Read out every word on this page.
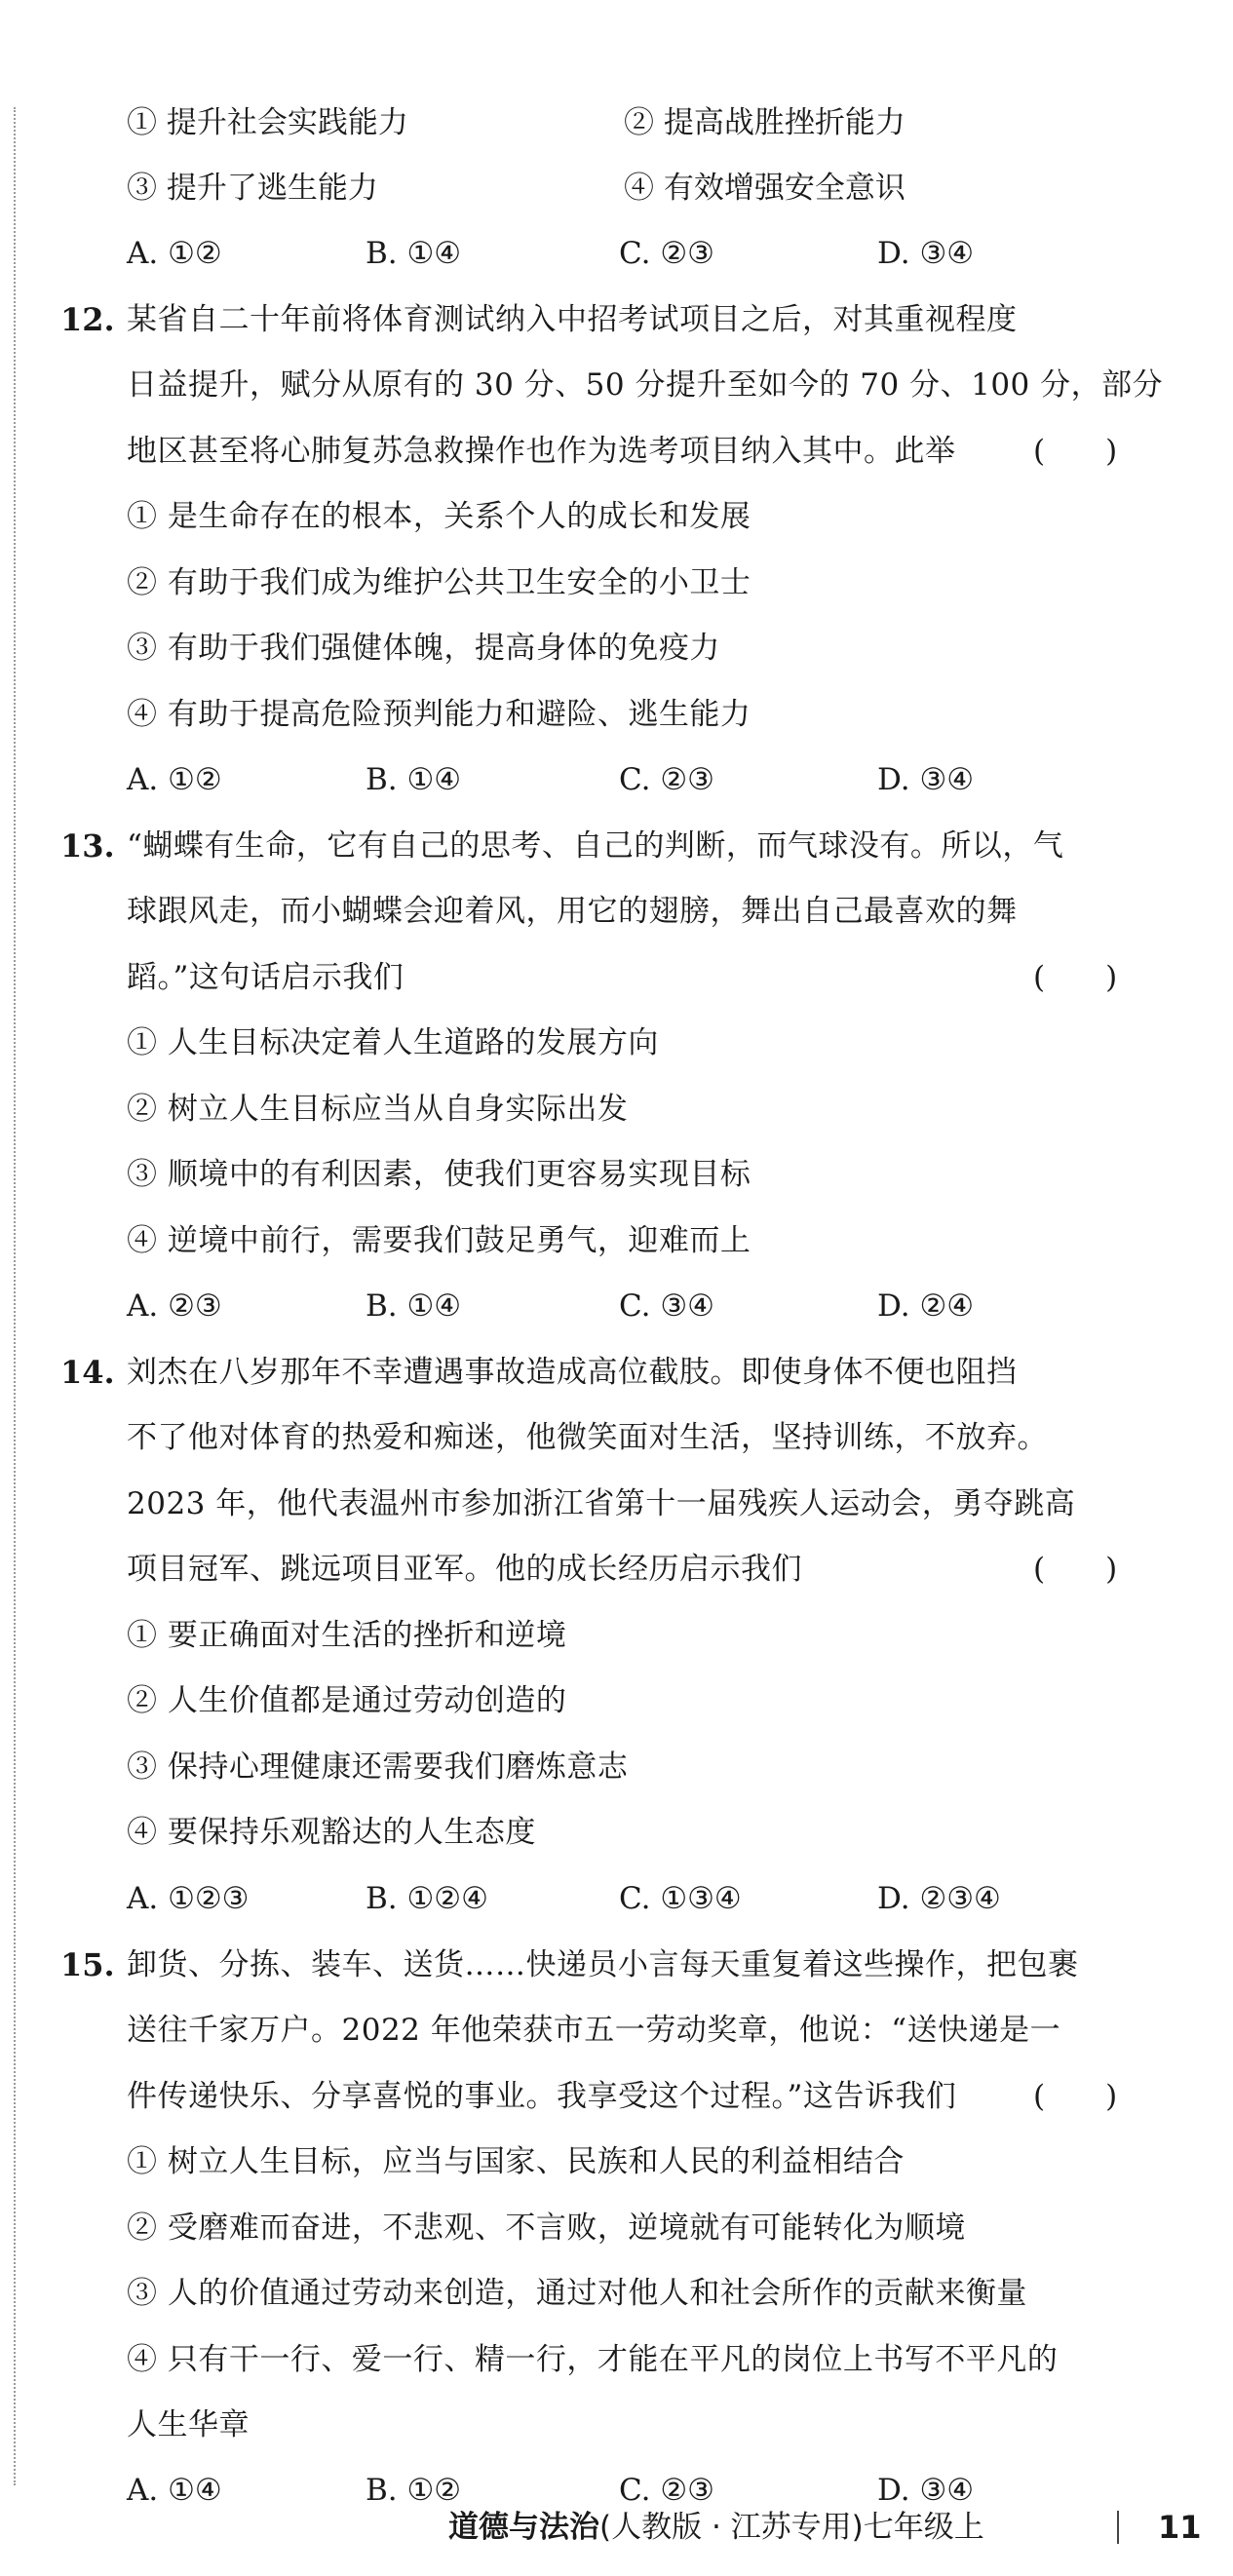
① 提升社会实践能力	② 提高战胜挫折能力
③ 提升了逃生能力	④ 有效增强安全意识
A. ①②	B. ①④	C. ②③	D. ③④
12. 某省自二十年前将体育测试纳入中招考试项目之后，对其重视程度
日益提升，赋分从原有的 30 分、50 分提升至如今的 70 分、100 分，部分
地区甚至将心肺复苏急救操作也作为选考项目纳入其中。此举	(　　)
① 是生命存在的根本，关系个人的成长和发展
② 有助于我们成为维护公共卫生安全的小卫士
③ 有助于我们强健体魄，提高身体的免疫力
④ 有助于提高危险预判能力和避险、逃生能力
A. ①②	B. ①④	C. ②③	D. ③④
13. “蝴蝶有生命，它有自己的思考、自己的判断，而气球没有。所以，气
球跟风走，而小蝴蝶会迎着风，用它的翅膀，舞出自己最喜欢的舞
蹈。”这句话启示我们	(　　)
① 人生目标决定着人生道路的发展方向
② 树立人生目标应当从自身实际出发
③ 顺境中的有利因素，使我们更容易实现目标
④ 逆境中前行，需要我们鼓足勇气，迎难而上
A. ②③	B. ①④	C. ③④	D. ②④
14. 刘杰在八岁那年不幸遭遇事故造成高位截肢。即使身体不便也阻挡
不了他对体育的热爱和痴迷，他微笑面对生活，坚持训练，不放弃。
2023 年，他代表温州市参加浙江省第十一届残疾人运动会，勇夺跳高
项目冠军、跳远项目亚军。他的成长经历启示我们	(　　)
① 要正确面对生活的挫折和逆境
② 人生价值都是通过劳动创造的
③ 保持心理健康还需要我们磨炼意志
④ 要保持乐观豁达的人生态度
A. ①②③	B. ①②④	C. ①③④	D. ②③④
15. 卸货、分拣、装车、送货……快递员小言每天重复着这些操作，把包裹
送往千家万户。2022 年他荣获市五一劳动奖章，他说：“送快递是一
件传递快乐、分享喜悦的事业。我享受这个过程。”这告诉我们	(　　)
① 树立人生目标，应当与国家、民族和人民的利益相结合
② 受磨难而奋进，不悲观、不言败，逆境就有可能转化为顺境
③ 人的价值通过劳动来创造，通过对他人和社会所作的贡献来衡量
④ 只有干一行、爱一行、精一行，才能在平凡的岗位上书写不平凡的
人生华章
A. ①④	B. ①②	C. ②③	D. ③④
道德与法治(人教版 · 江苏专用)七年级上	11
